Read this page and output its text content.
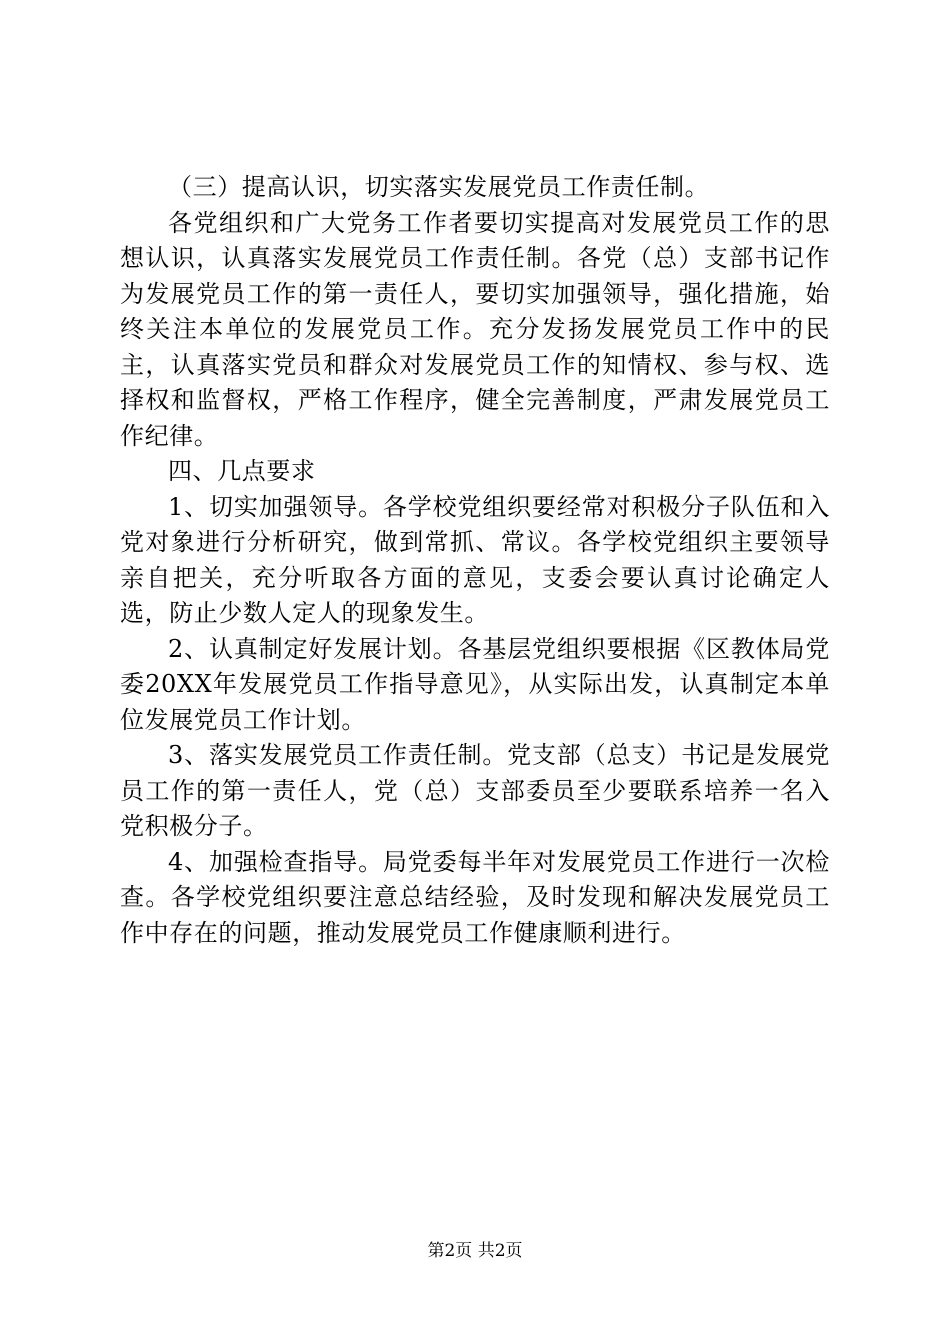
（三）提高认识，切实落实发展党员工作责任制。

各党组织和广大党务工作者要切实提高对发展党员工作的思想认识，认真落实发展党员工作责任制。各党（总）支部书记作为发展党员工作的第一责任人，要切实加强领导，强化措施，始终关注本单位的发展党员工作。充分发扬发展党员工作中的民主，认真落实党员和群众对发展党员工作的知情权、参与权、选择权和监督权，严格工作程序，健全完善制度，严肃发展党员工作纪律。

四、几点要求

1、切实加强领导。各学校党组织要经常对积极分子队伍和入党对象进行分析研究，做到常抓、常议。各学校党组织主要领导亲自把关，充分听取各方面的意见，支委会要认真讨论确定人选，防止少数人定人的现象发生。

2、认真制定好发展计划。各基层党组织要根据《区教体局党委20XX年发展党员工作指导意见》，从实际出发，认真制定本单位发展党员工作计划。

3、落实发展党员工作责任制。党支部（总支）书记是发展党员工作的第一责任人，党（总）支部委员至少要联系培养一名入党积极分子。

4、加强检查指导。局党委每半年对发展党员工作进行一次检查。各学校党组织要注意总结经验，及时发现和解决发展党员工作中存在的问题，推动发展党员工作健康顺利进行。

第2页 共2页
